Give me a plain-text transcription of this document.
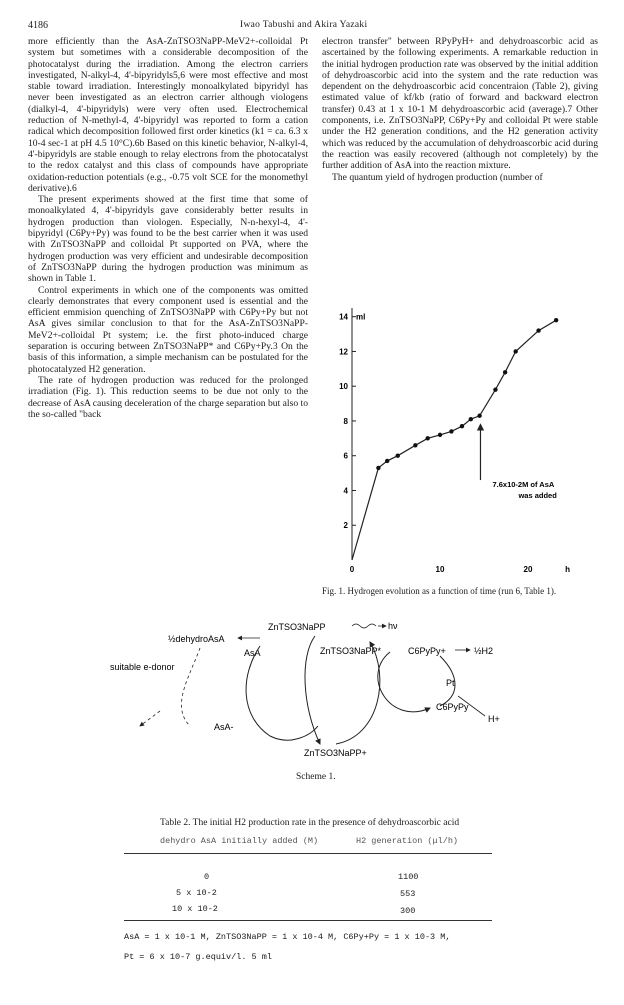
4186	Iwao Tabushi and Akira Yazaki

more efficiently than the AsA-ZnTSO3NaPP-MeV2+-colloidal Pt system but sometimes with a considerable decomposition of the photocatalyst during the irradiation. Among the electron carriers investigated, N-alkyl-4, 4'-bipyridyls5,6 were most effective and most stable toward irradiation. Interestingly monoalkylated bipyridyl has never been investigated as an electron carrier although viologens (dialkyl-4, 4'-bipyridyls) were very often used. Electrochemical reduction of N-methyl-4, 4'-bipyridyl was reported to form a cation radical which decomposition followed first order kinetics (k1 = ca. 6.3 x 10-4 sec-1 at pH 4.5 10°C).6b Based on this kinetic behavior, N-alkyl-4, 4'-bipyridyls are stable enough to relay electrons from the photocatalyst to the redox catalyst and this class of compounds have appropriate oxidation-reduction potentials (e.g., -0.75 volt SCE for the monomethyl derivative).6

The present experiments showed at the first time that some of monoalkylated 4, 4'-bipyridyls gave considerably better results in hydrogen production than viologen. Especially, N-n-hexyl-4, 4'-bipyridyl (C6Py+Py) was found to be the best carrier when it was used with ZnTSO3NaPP and colloidal Pt supported on PVA, where the hydrogen production was very efficient and undesirable decomposition of ZnTSO3NaPP during the hydrogen production was minimum as shown in Table 1.

Control experiments in which one of the components was omitted clearly demonstrates that every component used is essential and the efficient emmision quenching of ZnTSO3NaPP with C6Py+Py but not AsA gives similar conclusion to that for the AsA-ZnTSO3NaPP-MeV2+-colloidal Pt system; i.e. the first photo-induced charge separation is occuring between ZnTSO3NaPP* and C6Py+Py.3 On the basis of this information, a simple mechanism can be postulated for the photocatalyzed H2 generation.

The rate of hydrogen production was reduced for the prolonged irradiation (Fig. 1). This reduction seems to be due not only to the decrease of AsA causing deceleration of the charge separation but also to the so-called "back

electron transfer" between RPyPyH+ and dehydroascorbic acid as ascertained by the following experiments. A remarkable reduction in the initial hydrogen production rate was observed by the initial addition of dehydroascorbic acid into the system and the rate reduction was dependent on the dehydroascorbic acid concentraion (Table 2), giving estimated value of kf/kb (ratio of forward and backward electron transfer) 0.43 at 1 x 10-1 M dehydroascorbic acid (average).7 Other components, i.e. ZnTSO3NaPP, C6Py+Py and colloidal Pt were stable under the H2 generation conditions, and the H2 generation activity which was reduced by the accumulation of dehydroascorbic acid during the reaction was easily recovered (although not completely) by the further addition of AsA into the reaction mixture.

The quantum yield of hydrogen production (number of

2
4
6
8
10
12
14 ml
0	10	20	h
7.6x10-2M of AsA
was added
Fig. 1. Hydrogen evolution as a function of time (run 6, Table 1).
ZnTSO3NaPP	hν
½dehydroAsA
AsA	ZnTSO3NaPP*	C6PyPy+	½H2
suitable e-donor
Pt
C6PyPy
H+
AsA-
ZnTSO3NaPP+
Scheme 1.
Table 2. The initial H2 production rate in the presence of dehydroascorbic acid
dehydro AsA initially added (M)	H2 generation (μl/h)
0	1100
5 x 10-2	553
10 x 10-2	300
AsA = 1 x 10-1 M, ZnTSO3NaPP = 1 x 10-4 M, C6Py+Py = 1 x 10-3 M,
Pt = 6 x 10-7 g.equiv/l. 5 ml
